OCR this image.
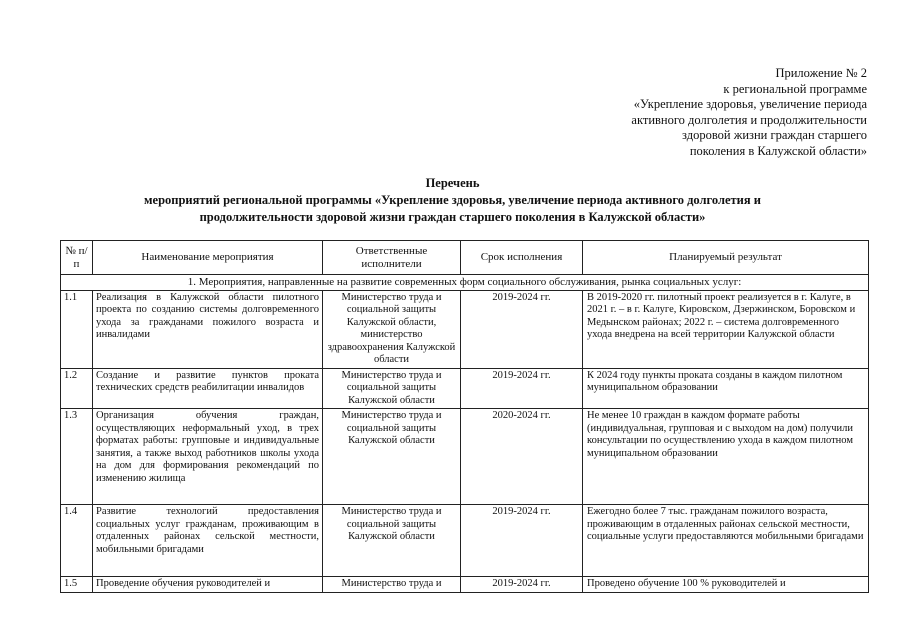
Приложение № 2
к региональной программе
«Укрепление здоровья, увеличение периода
активного долголетия и продолжительности
здоровой жизни граждан старшего
поколения в Калужской области»
Перечень
мероприятий региональной программы «Укрепление здоровья, увеличение периода активного долголетия и
продолжительности здоровой жизни граждан старшего поколения в Калужской области»
№ п/п	Наименование мероприятия	Ответственные исполнители	Срок исполнения	Планируемый результат
1. Мероприятия, направленные на развитие современных форм социального обслуживания, рынка социальных услуг:				
1.1	Реализация в Калужской области пилотного проекта по созданию системы долговременного ухода за гражданами пожилого возраста и инвалидами	Министерство труда и социальной защиты Калужской области, министерство здравоохранения Калужской области	2019-2024 гг.	В 2019-2020 гг. пилотный проект реализуется в г. Калуге, в 2021 г. – в г. Калуге, Кировском, Дзержинском, Боровском и Медынском районах; 2022 г. – система долговременного ухода внедрена на всей территории Калужской области
1.2	Создание и развитие пунктов проката технических средств реабилитации инвалидов	Министерство труда и социальной защиты Калужской области	2019-2024 гг.	К 2024 году пункты проката созданы в каждом пилотном муниципальном образовании
1.3	Организация обучения граждан, осуществляющих неформальный уход, в трех форматах работы: групповые и индивидуальные занятия, а также выход работников школы ухода на дом для формирования рекомендаций по изменению жилища	Министерство труда и социальной защиты Калужской области	2020-2024 гг.	Не менее 10 граждан в каждом формате работы (индивидуальная, групповая и с выходом на дом) получили консультации по осуществлению ухода в каждом пилотном муниципальном образовании
1.4	Развитие технологий предоставления социальных услуг гражданам, проживающим в отдаленных районах сельской местности, мобильными бригадами	Министерство труда и социальной защиты Калужской области	2019-2024 гг.	Ежегодно более 7 тыс. гражданам пожилого возраста, проживающим в отдаленных районах сельской местности, социальные услуги предоставляются мобильными бригадами
1.5	Проведение обучения руководителей и	Министерство труда и	2019-2024 гг.	Проведено обучение 100 % руководителей и
